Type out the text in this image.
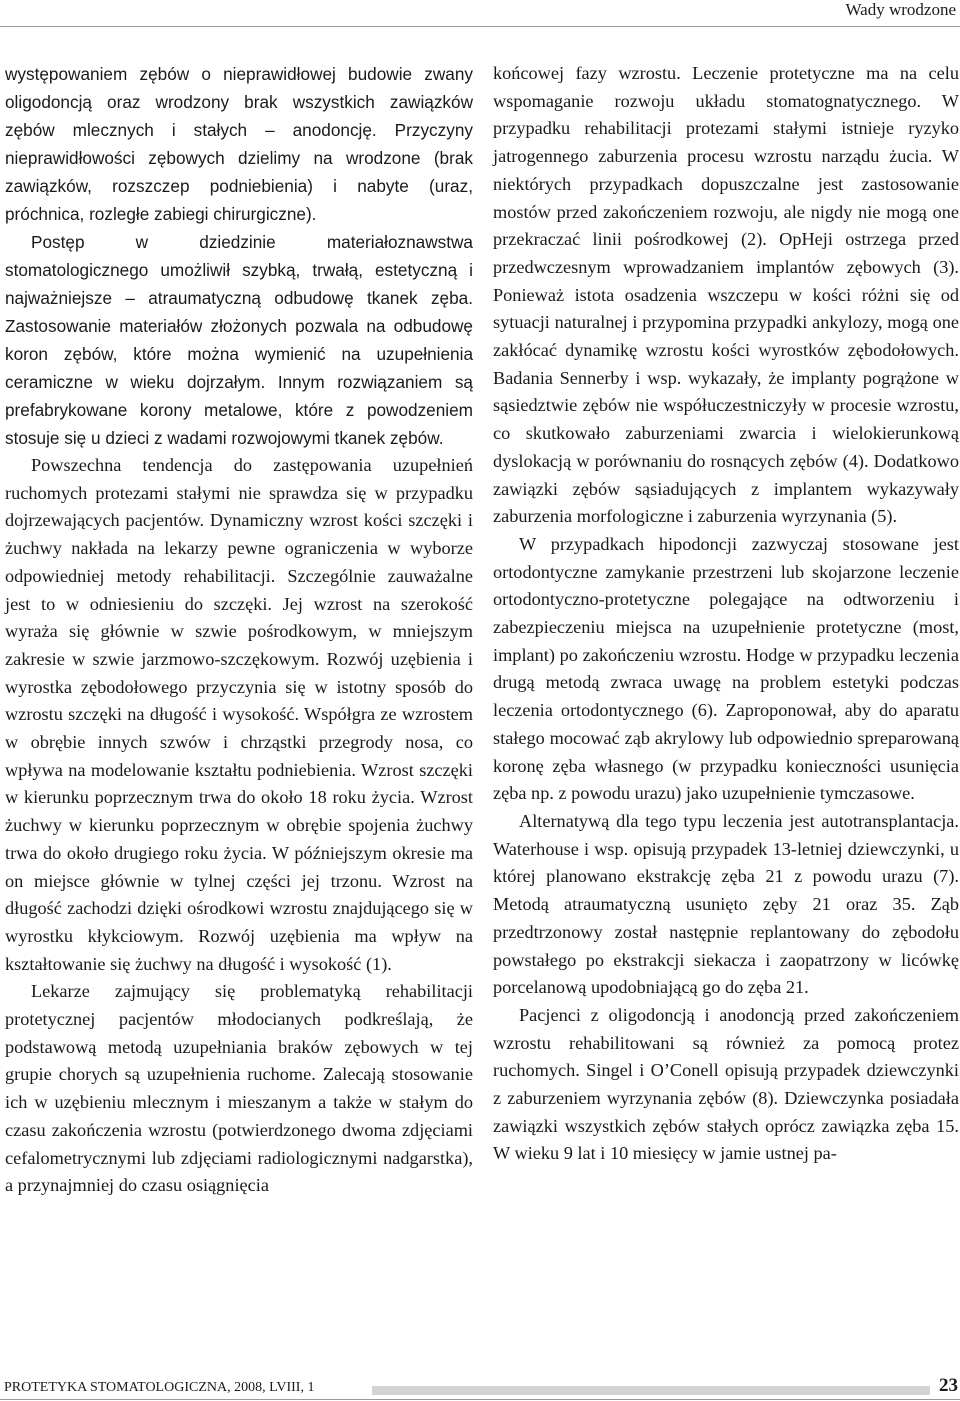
Wady wrodzone

występowaniem zębów o nieprawidłowej budowie zwany oligodoncją oraz wrodzony brak wszystkich zawiązków zębów mlecznych i stałych – anodoncję. Przyczyny nieprawidłowości zębowych dzielimy na wrodzone (brak zawiązków, rozszczep podniebienia) i nabyte (uraz, próchnica, rozległe zabiegi chirurgiczne).

Postęp w dziedzinie materiałoznawstwa stomatologicznego umożliwił szybką, trwałą, estetyczną i najważniejsze – atraumatyczną odbudowę tkanek zęba. Zastosowanie materiałów złożonych pozwala na odbudowę koron zębów, które można wymienić na uzupełnienia ceramiczne w wieku dojrzałym. Innym rozwiązaniem są prefabrykowane korony metalowe, które z powodzeniem stosuje się u dzieci z wadami rozwojowymi tkanek zębów.

Powszechna tendencja do zastępowania uzupełnień ruchomych protezami stałymi nie sprawdza się w przypadku dojrzewających pacjentów. Dynamiczny wzrost kości szczęki i żuchwy nakłada na lekarzy pewne ograniczenia w wyborze odpowiedniej metody rehabilitacji. Szczególnie zauważalne jest to w odniesieniu do szczęki. Jej wzrost na szerokość wyraża się głównie w szwie pośrodkowym, w mniejszym zakresie w szwie jarzmowo-szczękowym. Rozwój uzębienia i wyrostka zębodołowego przyczynia się w istotny sposób do wzrostu szczęki na długość i wysokość. Współgra ze wzrostem w obrębie innych szwów i chrząstki przegrody nosa, co wpływa na modelowanie kształtu podniebienia. Wzrost szczęki w kierunku poprzecznym trwa do około 18 roku życia. Wzrost żuchwy w kierunku poprzecznym w obrębie spojenia żuchwy trwa do około drugiego roku życia. W późniejszym okresie ma on miejsce głównie w tylnej części jej trzonu. Wzrost na długość zachodzi dzięki ośrodkowi wzrostu znajdującego się w wyrostku kłykciowym. Rozwój uzębienia ma wpływ na kształtowanie się żuchwy na długość i wysokość (1).

Lekarze zajmujący się problematyką rehabilitacji protetycznej pacjentów młodocianych podkreślają, że podstawową metodą uzupełniania braków zębowych w tej grupie chorych są uzupełnienia ruchome. Zalecają stosowanie ich w uzębieniu mlecznym i mieszanym a także w stałym do czasu zakończenia wzrostu (potwierdzonego dwoma zdjęciami cefalometrycznymi lub zdjęciami radiologicznymi nadgarstka), a przynajmniej do czasu osiągnięcia

końcowej fazy wzrostu. Leczenie protetyczne ma na celu wspomaganie rozwoju układu stomatognatycznego. W przypadku rehabilitacji protezami stałymi istnieje ryzyko jatrogennego zaburzenia procesu wzrostu narządu żucia. W niektórych przypadkach dopuszczalne jest zastosowanie mostów przed zakończeniem rozwoju, ale nigdy nie mogą one przekraczać linii pośrodkowej (2). OpHeji ostrzega przed przedwczesnym wprowadzaniem implantów zębowych (3). Ponieważ istota osadzenia wszczepu w kości różni się od sytuacji naturalnej i przypomina przypadki ankylozy, mogą one zakłócać dynamikę wzrostu kości wyrostków zębodołowych. Badania Sennerby i wsp. wykazały, że implanty pogrążone w sąsiedztwie zębów nie współuczestniczyły w procesie wzrostu, co skutkowało zaburzeniami zwarcia i wielokierunkową dyslokacją w porównaniu do rosnących zębów (4). Dodatkowo zawiązki zębów sąsiadujących z implantem wykazywały zaburzenia morfologiczne i zaburzenia wyrzynania (5).

W przypadkach hipodoncji zazwyczaj stosowane jest ortodontyczne zamykanie przestrzeni lub skojarzone leczenie ortodontyczno-protetyczne polegające na odtworzeniu i zabezpieczeniu miejsca na uzupełnienie protetyczne (most, implant) po zakończeniu wzrostu. Hodge w przypadku leczenia drugą metodą zwraca uwagę na problem estetyki podczas leczenia ortodontycznego (6). Zaproponował, aby do aparatu stałego mocować ząb akrylowy lub odpowiednio spreparowaną koronę zęba własnego (w przypadku konieczności usunięcia zęba np. z powodu urazu) jako uzupełnienie tymczasowe.

Alternatywą dla tego typu leczenia jest autotransplantacja. Waterhouse i wsp. opisują przypadek 13-letniej dziewczynki, u której planowano ekstrakcję zęba 21 z powodu urazu (7). Metodą atraumatyczną usunięto zęby 21 oraz 35. Ząb przedtrzonowy został następnie replantowany do zębodołu powstałego po ekstrakcji siekacza i zaopatrzony w licówkę porcelanową upodobniającą go do zęba 21.

Pacjenci z oligodoncją i anodoncją przed zakończeniem wzrostu rehabilitowani są również za pomocą protez ruchomych. Singel i O’Conell opisują przypadek dziewczynki z zaburzeniem wyrzynania zębów (8). Dziewczynka posiadała zawiązki wszystkich zębów stałych oprócz zawiązka zęba 15. W wieku 9 lat i 10 miesięcy w jamie ustnej pa-

PROTETYKA STOMATOLOGICZNA, 2008, LVIII, 1	23
